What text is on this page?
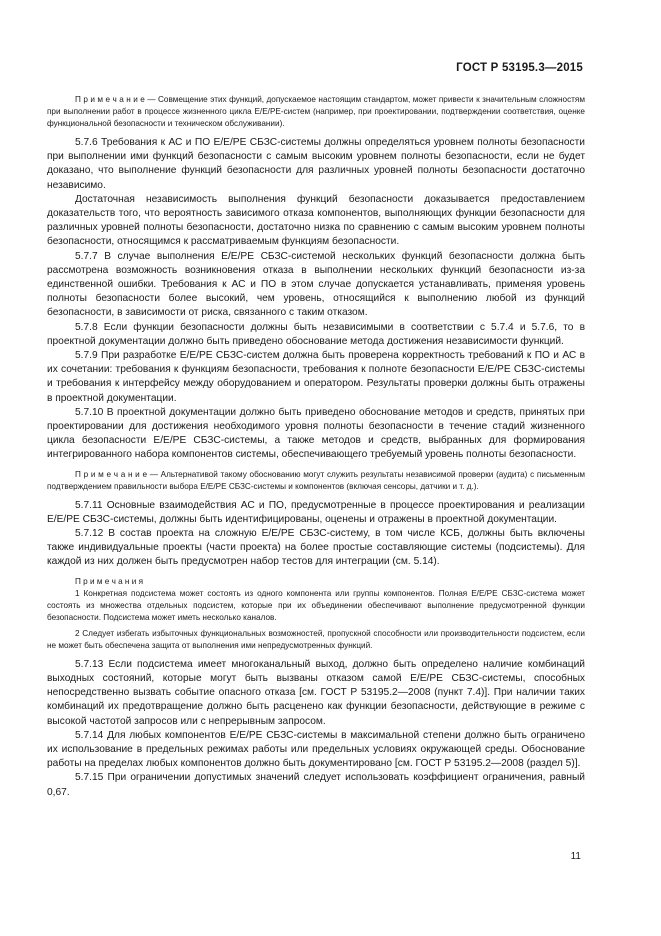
ГОСТ Р 53195.3—2015

П р и м е ч а н и е — Совмещение этих функций, допускаемое настоящим стандартом, может привести к значительным сложностям при выполнении работ в процессе жизненного цикла E/E/PE-систем (например, при проектировании, подтверждении соответствия, оценке функциональной безопасности и техническом обслуживании).

5.7.6 Требования к АС и ПО E/E/PE СБЗС-системы должны определяться уровнем полноты безопасности при выполнении ими функций безопасности с самым высоким уровнем полноты безопасности, если не будет доказано, что выполнение функций безопасности для различных уровней полноты безопасности достаточно независимо.

Достаточная независимость выполнения функций безопасности доказывается предоставлением доказательств того, что вероятность зависимого отказа компонентов, выполняющих функции безопасности для различных уровней полноты безопасности, достаточно низка по сравнению с самым высоким уровнем полноты безопасности, относящимся к рассматриваемым функциям безопасности.

5.7.7 В случае выполнения E/E/PE СБЗС-системой нескольких функций безопасности должна быть рассмотрена возможность возникновения отказа в выполнении нескольких функций безопасности из-за единственной ошибки. Требования к АС и ПО в этом случае допускается устанавливать, применяя уровень полноты безопасности более высокий, чем уровень, относящийся к выполнению любой из функций безопасности, в зависимости от риска, связанного с таким отказом.

5.7.8 Если функции безопасности должны быть независимыми в соответствии с 5.7.4 и 5.7.6, то в проектной документации должно быть приведено обоснование метода достижения независимости функций.

5.7.9 При разработке E/E/PE СБЗС-систем должна быть проверена корректность требований к ПО и АС в их сочетании: требования к функциям безопасности, требования к полноте безопасности E/E/PE СБЗС-системы и требования к интерфейсу между оборудованием и оператором. Результаты проверки должны быть отражены в проектной документации.

5.7.10 В проектной документации должно быть приведено обоснование методов и средств, принятых при проектировании для достижения необходимого уровня полноты безопасности в течение стадий жизненного цикла безопасности E/E/PE СБЗС-системы, а также методов и средств, выбранных для формирования интегрированного набора компонентов системы, обеспечивающего требуемый уровень полноты безопасности.

П р и м е ч а н и е — Альтернативой такому обоснованию могут служить результаты независимой проверки (аудита) с письменным подтверждением правильности выбора E/E/PE СБЗС-системы и компонентов (включая сенсоры, датчики и т. д.).

5.7.11 Основные взаимодействия АС и ПО, предусмотренные в процессе проектирования и реализации E/E/PE СБЗС-системы, должны быть идентифицированы, оценены и отражены в проектной документации.

5.7.12 В состав проекта на сложную E/E/PE СБЗС-систему, в том числе КСБ, должны быть включены также индивидуальные проекты (части проекта) на более простые составляющие системы (подсистемы). Для каждой из них должен быть предусмотрен набор тестов для интеграции (см. 5.14).

П р и м е ч а н и я

1 Конкретная подсистема может состоять из одного компонента или группы компонентов. Полная E/E/PE СБЗС-система может состоять из множества отдельных подсистем, которые при их объединении обеспечивают выполнение предусмотренной функции безопасности. Подсистема может иметь несколько каналов.

2 Следует избегать избыточных функциональных возможностей, пропускной способности или производительности подсистем, если не может быть обеспечена защита от выполнения ими непредусмотренных функций.

5.7.13 Если подсистема имеет многоканальный выход, должно быть определено наличие комбинаций выходных состояний, которые могут быть вызваны отказом самой E/E/PE СБЗС-системы, способных непосредственно вызвать событие опасного отказа [см. ГОСТ Р 53195.2—2008 (пункт 7.4)]. При наличии таких комбинаций их предотвращение должно быть расценено как функции безопасности, действующие в режиме с высокой частотой запросов или с непрерывным запросом.

5.7.14 Для любых компонентов E/E/PE СБЗС-системы в максимальной степени должно быть ограничено их использование в предельных режимах работы или предельных условиях окружающей среды. Обоснование работы на пределах любых компонентов должно быть документировано [см. ГОСТ Р 53195.2—2008 (раздел 5)].

5.7.15 При ограничении допустимых значений следует использовать коэффициент ограничения, равный 0,67.

11
